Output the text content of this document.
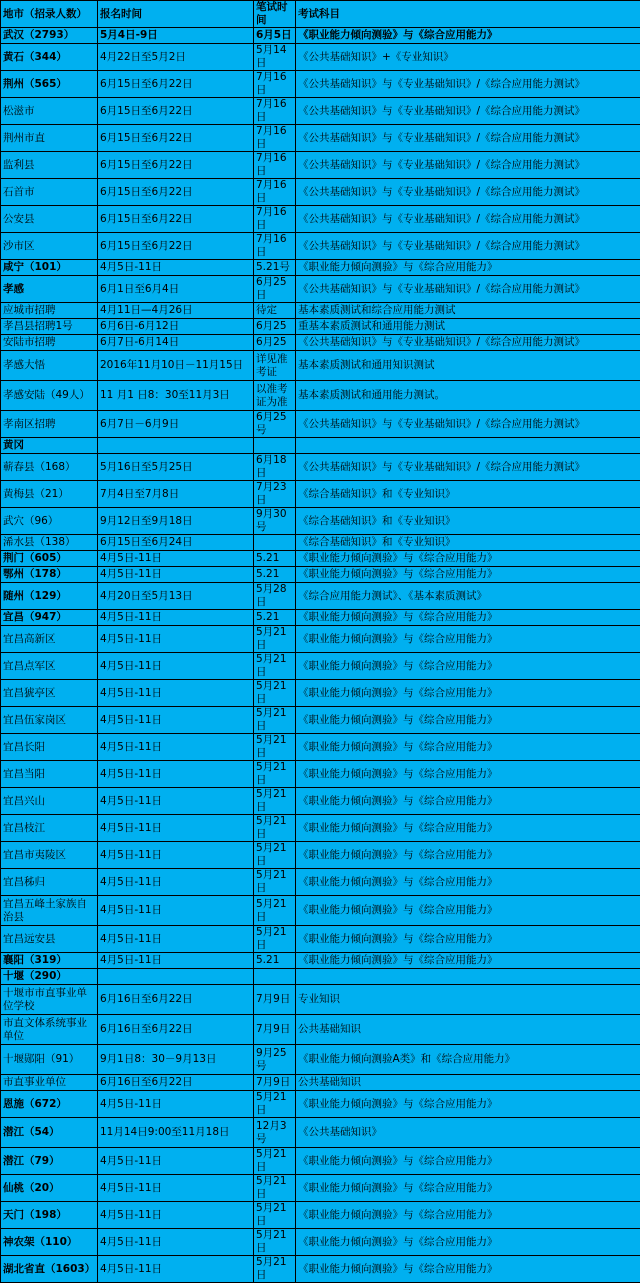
地市（招录人数）	报名时间	笔试时间	考试科目
武汉（2793）	5月4日-9日	6月5日	《职业能力倾向测验》与《综合应用能力》
黄石（344）	4月22日至5月2日	5月14日	《公共基础知识》+《专业知识》
荆州（565）	6月15日至6月22日	7月16日	《公共基础知识》与《专业基础知识》/《综合应用能力测试》
松滋市	6月15日至6月22日	7月16日	《公共基础知识》与《专业基础知识》/《综合应用能力测试》
荆州市直	6月15日至6月22日	7月16日	《公共基础知识》与《专业基础知识》/《综合应用能力测试》
监利县	6月15日至6月22日	7月16日	《公共基础知识》与《专业基础知识》/《综合应用能力测试》
石首市	6月15日至6月22日	7月16日	《公共基础知识》与《专业基础知识》/《综合应用能力测试》
公安县	6月15日至6月22日	7月16日	《公共基础知识》与《专业基础知识》/《综合应用能力测试》
沙市区	6月15日至6月22日	7月16日	《公共基础知识》与《专业基础知识》/《综合应用能力测试》
咸宁（101）	4月5日-11日	5.21号	《职业能力倾向测验》与《综合应用能力》
孝感	6月1日至6月4日	6月25日	《公共基础知识》与《专业基础知识》/《综合应用能力测试》
应城市招聘	4月11日—4月26日	待定	基本素质测试和综合应用能力测试
孝昌县招聘1号	6月6日-6月12日	6月25	重基本素质测试和通用能力测试
安陆市招聘	6月7日-6月14日	6月25	《公共基础知识》与《专业基础知识》/《综合应用能力测试》
孝感大悟	2016年11月10日－11月15日	详见准考证	基本素质测试和通用知识测试
孝感安陆（49人）	11 月1 日8：30至11月3日	以准考证为准	基本素质测试和通用能力测试。
孝南区招聘	6月7日－6月9日	6月25号	《公共基础知识》与《专业基础知识》/《综合应用能力测试》
黄冈			
蕲春县（168）	5月16日至5月25日	6月18日	《公共基础知识》与《专业基础知识》/《综合应用能力测试》
黄梅县（21）	7月4日至7月8日	7月23日	《综合基础知识》和《专业知识》
武穴（96）	9月12日至9月18日	9月30号	《综合基础知识》和《专业知识》
浠水县（138）	6月15日至6月24日		《综合基础知识》和《专业知识》
荆门（605）	4月5日-11日	5.21	《职业能力倾向测验》与《综合应用能力》
鄂州（178）	4月5日-11日	5.21	《职业能力倾向测验》与《综合应用能力》
随州（129）	4月20日至5月13日	5月28日	《综合应用能力测试》、《基本素质测试》
宜昌（947）	4月5日-11日	5.21	《职业能力倾向测验》与《综合应用能力》
宜昌高新区	4月5日-11日	5月21日	《职业能力倾向测验》与《综合应用能力》
宜昌点军区	4月5日-11日	5月21日	《职业能力倾向测验》与《综合应用能力》
宜昌猇亭区	4月5日-11日	5月21日	《职业能力倾向测验》与《综合应用能力》
宜昌伍家岗区	4月5日-11日	5月21日	《职业能力倾向测验》与《综合应用能力》
宜昌长阳	4月5日-11日	5月21日	《职业能力倾向测验》与《综合应用能力》
宜昌当阳	4月5日-11日	5月21日	《职业能力倾向测验》与《综合应用能力》
宜昌兴山	4月5日-11日	5月21日	《职业能力倾向测验》与《综合应用能力》
宜昌枝江	4月5日-11日	5月21日	《职业能力倾向测验》与《综合应用能力》
宜昌市夷陵区	4月5日-11日	5月21日	《职业能力倾向测验》与《综合应用能力》
宜昌秭归	4月5日-11日	5月21日	《职业能力倾向测验》与《综合应用能力》
宜昌五峰土家族自治县	4月5日-11日	5月21日	《职业能力倾向测验》与《综合应用能力》
宜昌远安县	4月5日-11日	5月21日	《职业能力倾向测验》与《综合应用能力》
襄阳（319）	4月5日-11日	5.21	《职业能力倾向测验》与《综合应用能力》
十堰（290）			
十堰市市直事业单位学校	6月16日至6月22日	7月9日	专业知识
市直文体系统事业单位	6月16日至6月22日	7月9日	公共基础知识
十堰郧阳（91）	9月1日8：30－9月13日	9月25号	《职业能力倾向测验A类》和《综合应用能力》
市直事业单位	6月16日至6月22日	7月9日	公共基础知识
恩施（672）	4月5日-11日	5月21日	《职业能力倾向测验》与《综合应用能力》
潜江（54）	11月14日9:00至11月18日	12月3号	《公共基础知识》
潜江（79）	4月5日-11日	5月21日	《职业能力倾向测验》与《综合应用能力》
仙桃（20）	4月5日-11日	5月21日	《职业能力倾向测验》与《综合应用能力》
天门（198）	4月5日-11日	5月21日	《职业能力倾向测验》与《综合应用能力》
神农架（110）	4月5日-11日	5月21日	《职业能力倾向测验》与《综合应用能力》
湖北省直（1603）	4月5日-11日	5月21日	《职业能力倾向测验》与《综合应用能力》
